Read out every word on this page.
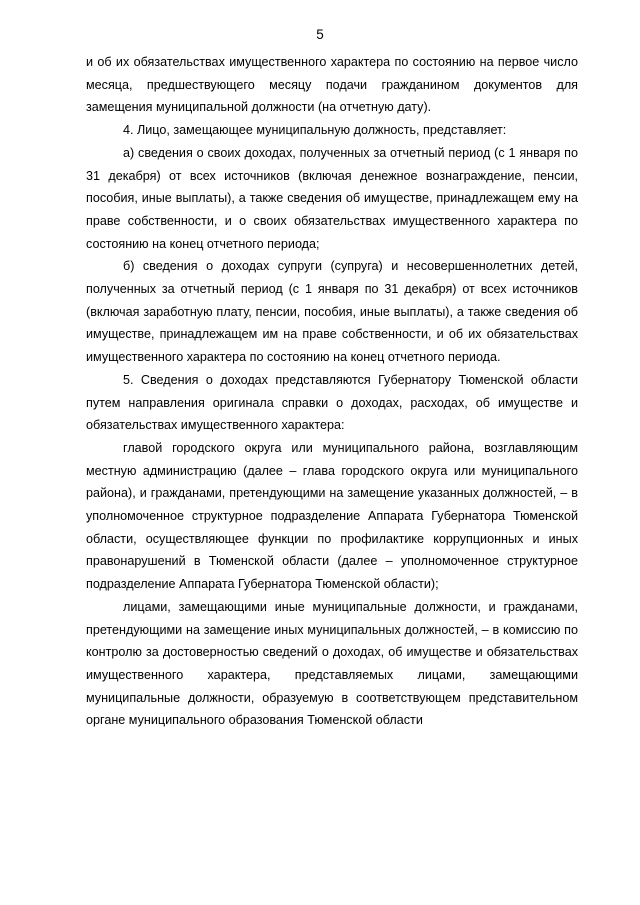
5

и об их обязательствах имущественного характера по состоянию на первое число месяца, предшествующего месяцу подачи гражданином документов для замещения муниципальной должности (на отчетную дату).

4. Лицо, замещающее муниципальную должность, представляет:

а) сведения о своих доходах, полученных за отчетный период (с 1 января по 31 декабря) от всех источников (включая денежное вознаграждение, пенсии, пособия, иные выплаты), а также сведения об имуществе, принадлежащем ему на праве собственности, и о своих обязательствах имущественного характера по состоянию на конец отчетного периода;

б) сведения о доходах супруги (супруга) и несовершеннолетних детей, полученных за отчетный период (с 1 января по 31 декабря) от всех источников (включая заработную плату, пенсии, пособия, иные выплаты), а также сведения об имуществе, принадлежащем им на праве собственности, и об их обязательствах имущественного характера по состоянию на конец отчетного периода.

5. Сведения о доходах представляются Губернатору Тюменской области путем направления оригинала справки о доходах, расходах, об имуществе и обязательствах имущественного характера:

главой городского округа или муниципального района, возглавляющим местную администрацию (далее – глава городского округа или муниципального района), и гражданами, претендующими на замещение указанных должностей, – в уполномоченное структурное подразделение Аппарата Губернатора Тюменской области, осуществляющее функции по профилактике коррупционных и иных правонарушений в Тюменской области (далее – уполномоченное структурное подразделение Аппарата Губернатора Тюменской области);

лицами, замещающими иные муниципальные должности, и гражданами, претендующими на замещение иных муниципальных должностей, – в комиссию по контролю за достоверностью сведений о доходах, об имуществе и обязательствах имущественного характера, представляемых лицами, замещающими муниципальные должности, образуемую в соответствующем представительном органе муниципального образования Тюменской области
